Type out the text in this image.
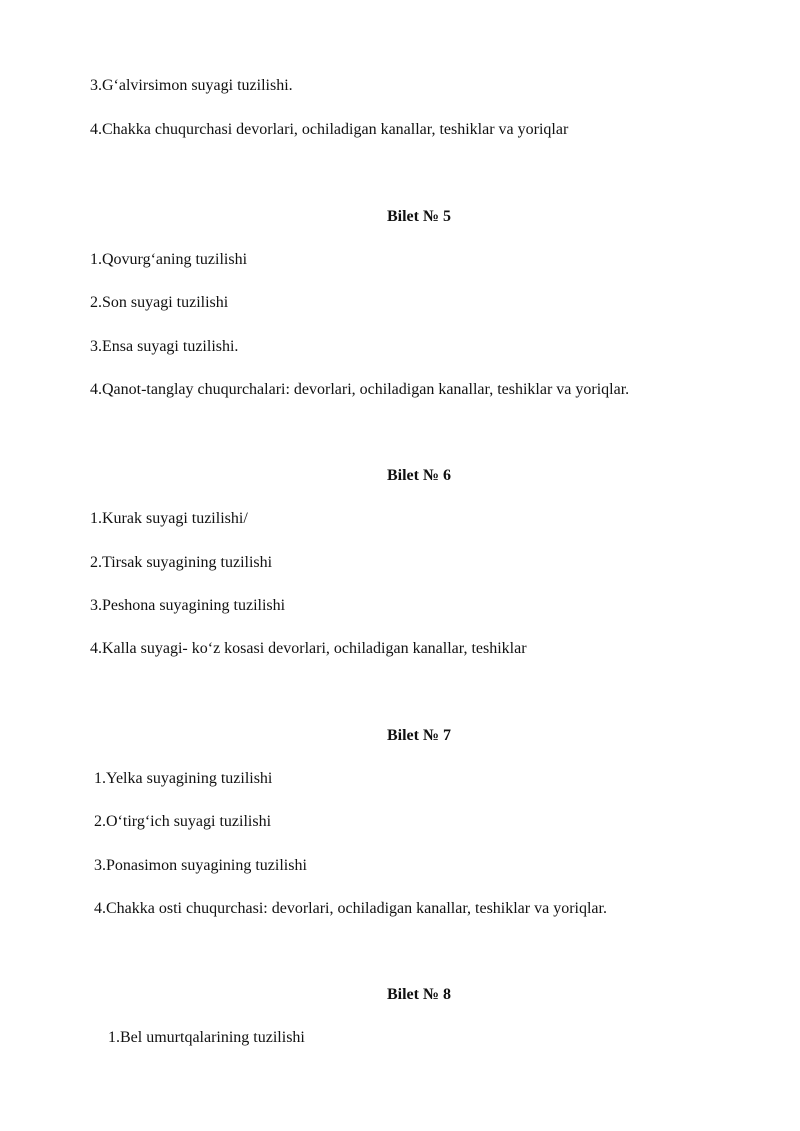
3.G‘alvirsimon suyagi tuzilishi.
4.Chakka chuqurchasi devorlari, ochiladigan kanallar, teshiklar va yoriqlar
Bilet № 5
1.Qovurg‘aning tuzilishi
2.Son suyagi tuzilishi
3.Ensa suyagi tuzilishi.
4.Qanot-tanglay chuqurchalari: devorlari, ochiladigan kanallar, teshiklar va yoriqlar.
Bilet № 6
1.Kurak suyagi tuzilishi/
2.Tirsak suyagining tuzilishi
3.Peshona suyagining tuzilishi
4.Kalla suyagi- ko‘z kosasi devorlari, ochiladigan kanallar, teshiklar
Bilet № 7
1.Yelka suyagining tuzilishi
2.O‘tirg‘ich suyagi tuzilishi
3.Ponasimon suyagining tuzilishi
4.Chakka osti chuqurchasi: devorlari, ochiladigan kanallar, teshiklar va yoriqlar.
Bilet № 8
1.Bel umurtqalarining tuzilishi
